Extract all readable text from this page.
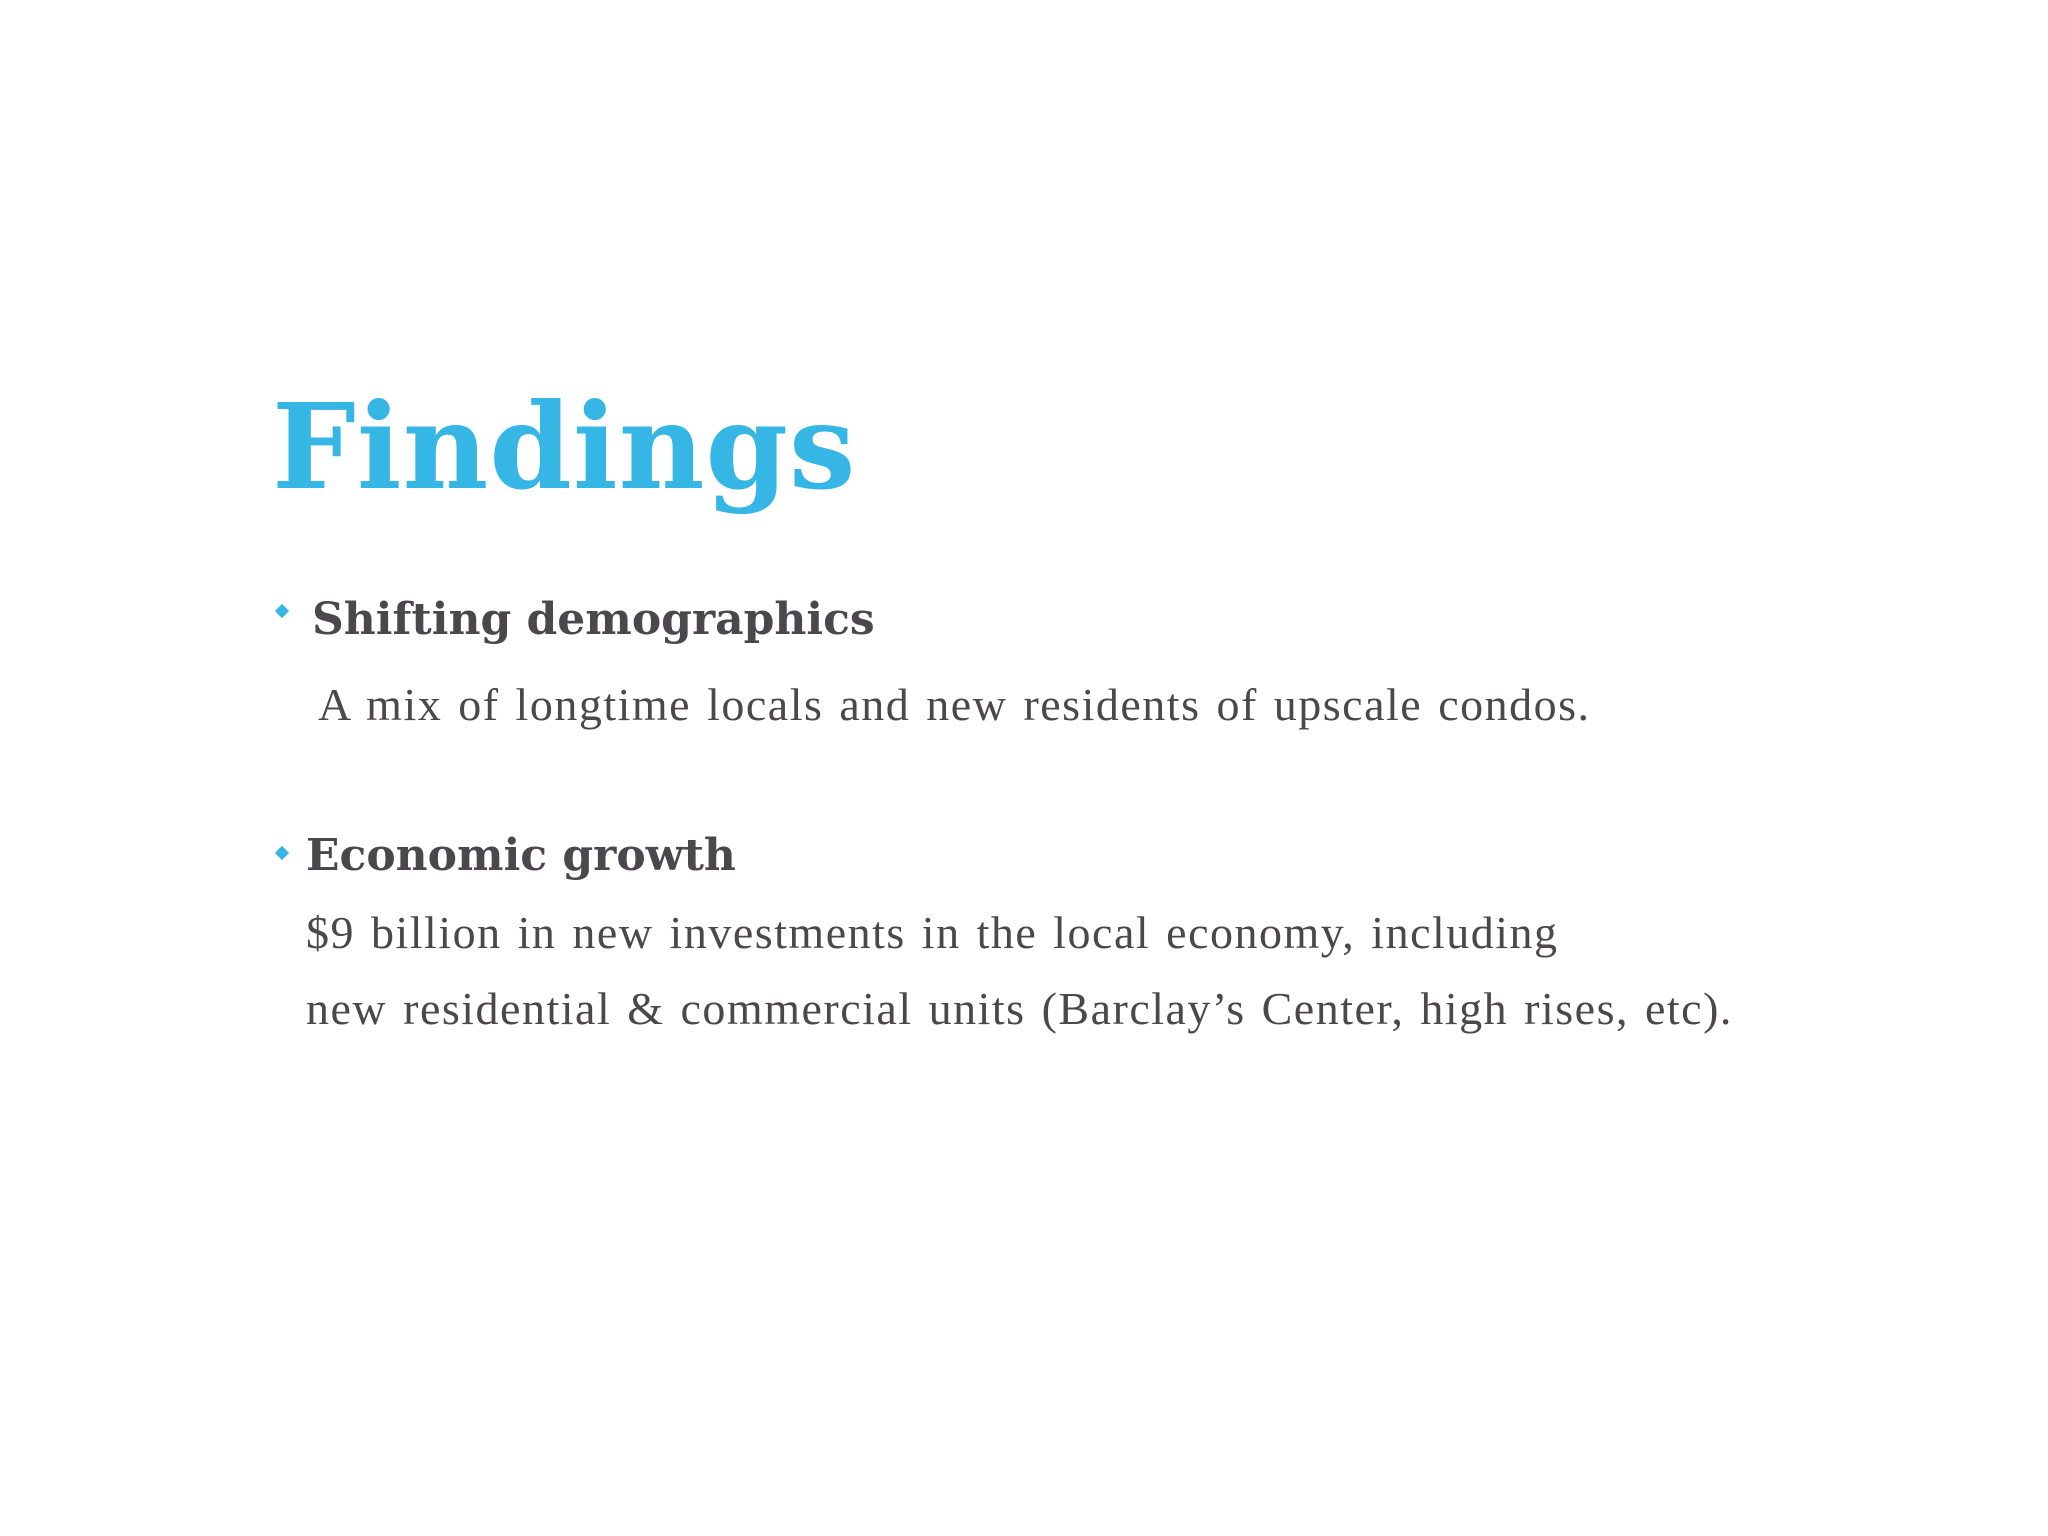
Findings
Shifting demographics

A mix of longtime locals and new residents of upscale condos.

Economic growth

$9 billion in new investments in the local economy, including

new residential & commercial units (Barclay’s Center, high rises, etc).
